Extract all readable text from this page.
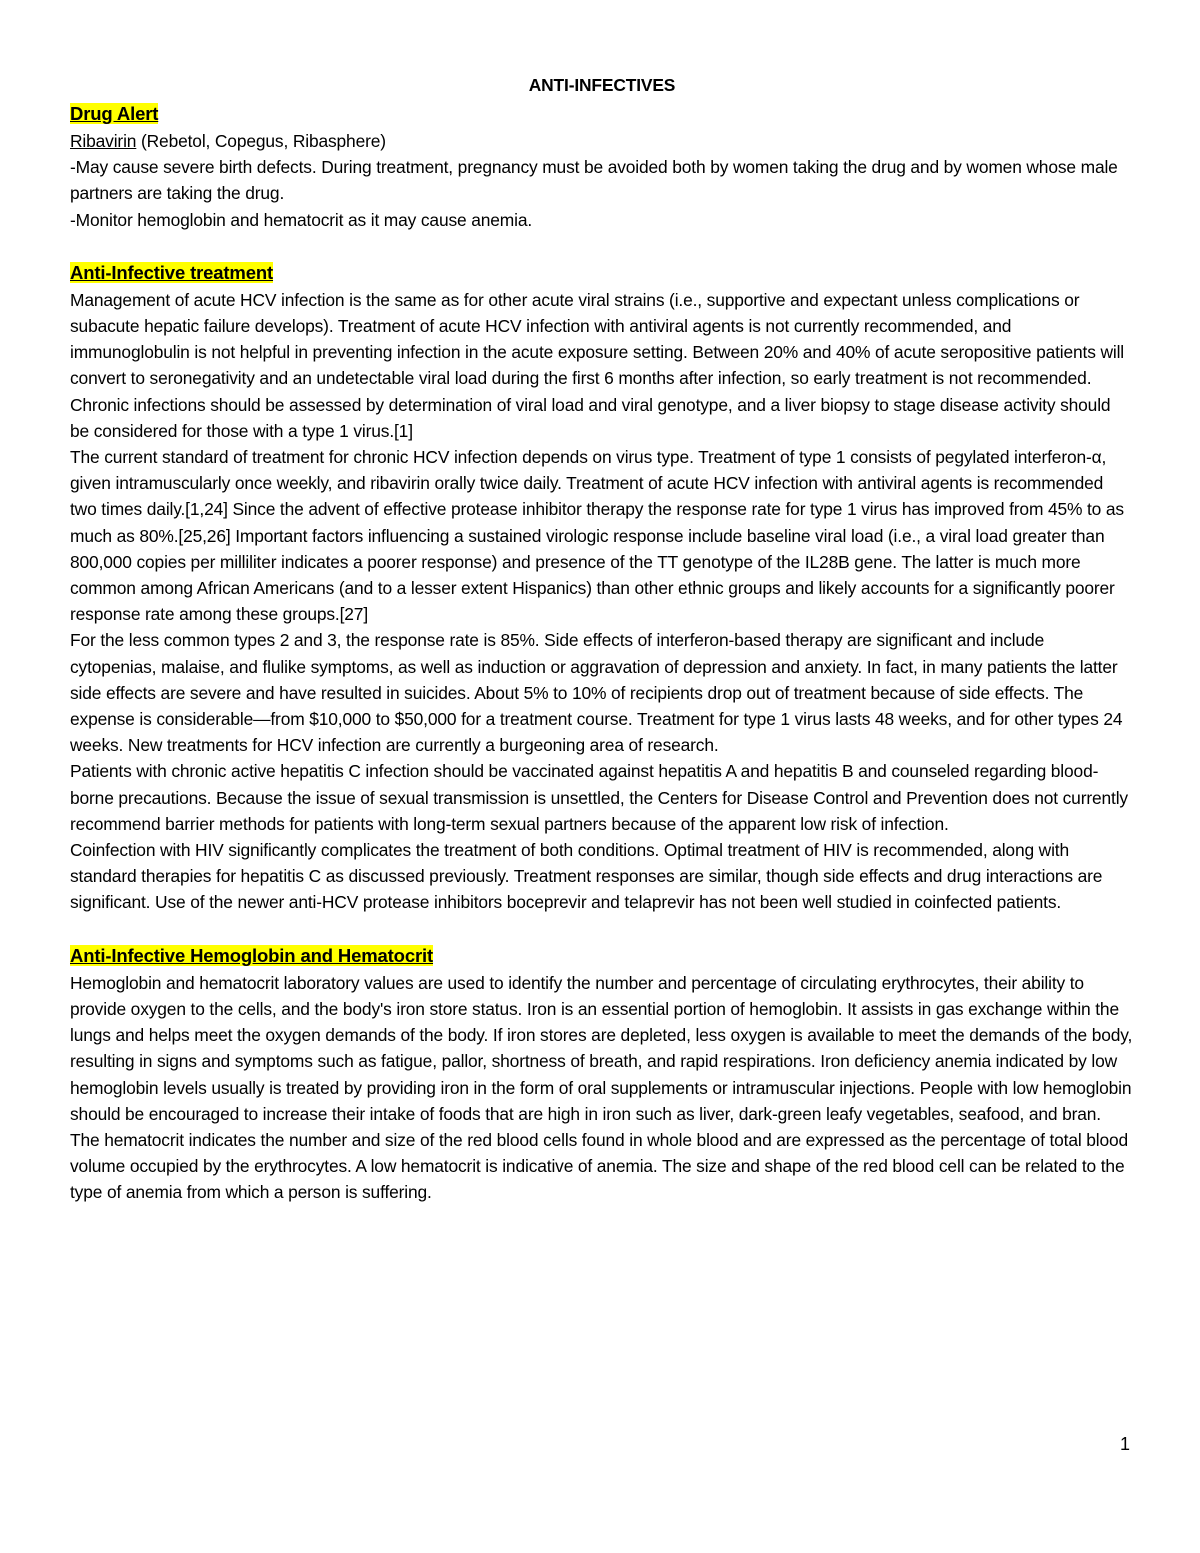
ANTI-INFECTIVES
Drug Alert

Ribavirin (Rebetol, Copegus, Ribasphere)

-May cause severe birth defects. During treatment, pregnancy must be avoided both by women taking the drug and by women whose male partners are taking the drug.

-Monitor hemoglobin and hematocrit as it may cause anemia.

Anti-Infective treatment

Management of acute HCV infection is the same as for other acute viral strains (i.e., supportive and expectant unless complications or subacute hepatic failure develops). Treatment of acute HCV infection with antiviral agents is not currently recommended, and immunoglobulin is not helpful in preventing infection in the acute exposure setting. Between 20% and 40% of acute seropositive patients will convert to seronegativity and an undetectable viral load during the first 6 months after infection, so early treatment is not recommended. Chronic infections should be assessed by determination of viral load and viral genotype, and a liver biopsy to stage disease activity should be considered for those with a type 1 virus.[1]

The current standard of treatment for chronic HCV infection depends on virus type. Treatment of type 1 consists of pegylated interferon-α, given intramuscularly once weekly, and ribavirin orally twice daily. Treatment of acute HCV infection with antiviral agents is recommended two times daily.[1,24] Since the advent of effective protease inhibitor therapy the response rate for type 1 virus has improved from 45% to as much as 80%.[25,26] Important factors influencing a sustained virologic response include baseline viral load (i.e., a viral load greater than 800,000 copies per milliliter indicates a poorer response) and presence of the TT genotype of the IL28B gene. The latter is much more common among African Americans (and to a lesser extent Hispanics) than other ethnic groups and likely accounts for a significantly poorer response rate among these groups.[27]

For the less common types 2 and 3, the response rate is 85%. Side effects of interferon-based therapy are significant and include cytopenias, malaise, and flulike symptoms, as well as induction or aggravation of depression and anxiety. In fact, in many patients the latter side effects are severe and have resulted in suicides. About 5% to 10% of recipients drop out of treatment because of side effects. The expense is considerable—from $10,000 to $50,000 for a treatment course. Treatment for type 1 virus lasts 48 weeks, and for other types 24 weeks. New treatments for HCV infection are currently a burgeoning area of research.

Patients with chronic active hepatitis C infection should be vaccinated against hepatitis A and hepatitis B and counseled regarding blood-borne precautions. Because the issue of sexual transmission is unsettled, the Centers for Disease Control and Prevention does not currently recommend barrier methods for patients with long-term sexual partners because of the apparent low risk of infection.

Coinfection with HIV significantly complicates the treatment of both conditions. Optimal treatment of HIV is recommended, along with standard therapies for hepatitis C as discussed previously. Treatment responses are similar, though side effects and drug interactions are significant. Use of the newer anti-HCV protease inhibitors boceprevir and telaprevir has not been well studied in coinfected patients.

Anti-Infective Hemoglobin and Hematocrit

Hemoglobin and hematocrit laboratory values are used to identify the number and percentage of circulating erythrocytes, their ability to provide oxygen to the cells, and the body's iron store status. Iron is an essential portion of hemoglobin. It assists in gas exchange within the lungs and helps meet the oxygen demands of the body. If iron stores are depleted, less oxygen is available to meet the demands of the body, resulting in signs and symptoms such as fatigue, pallor, shortness of breath, and rapid respirations. Iron deficiency anemia indicated by low hemoglobin levels usually is treated by providing iron in the form of oral supplements or intramuscular injections. People with low hemoglobin should be encouraged to increase their intake of foods that are high in iron such as liver, dark-green leafy vegetables, seafood, and bran.

The hematocrit indicates the number and size of the red blood cells found in whole blood and are expressed as the percentage of total blood volume occupied by the erythrocytes. A low hematocrit is indicative of anemia. The size and shape of the red blood cell can be related to the type of anemia from which a person is suffering.

1
